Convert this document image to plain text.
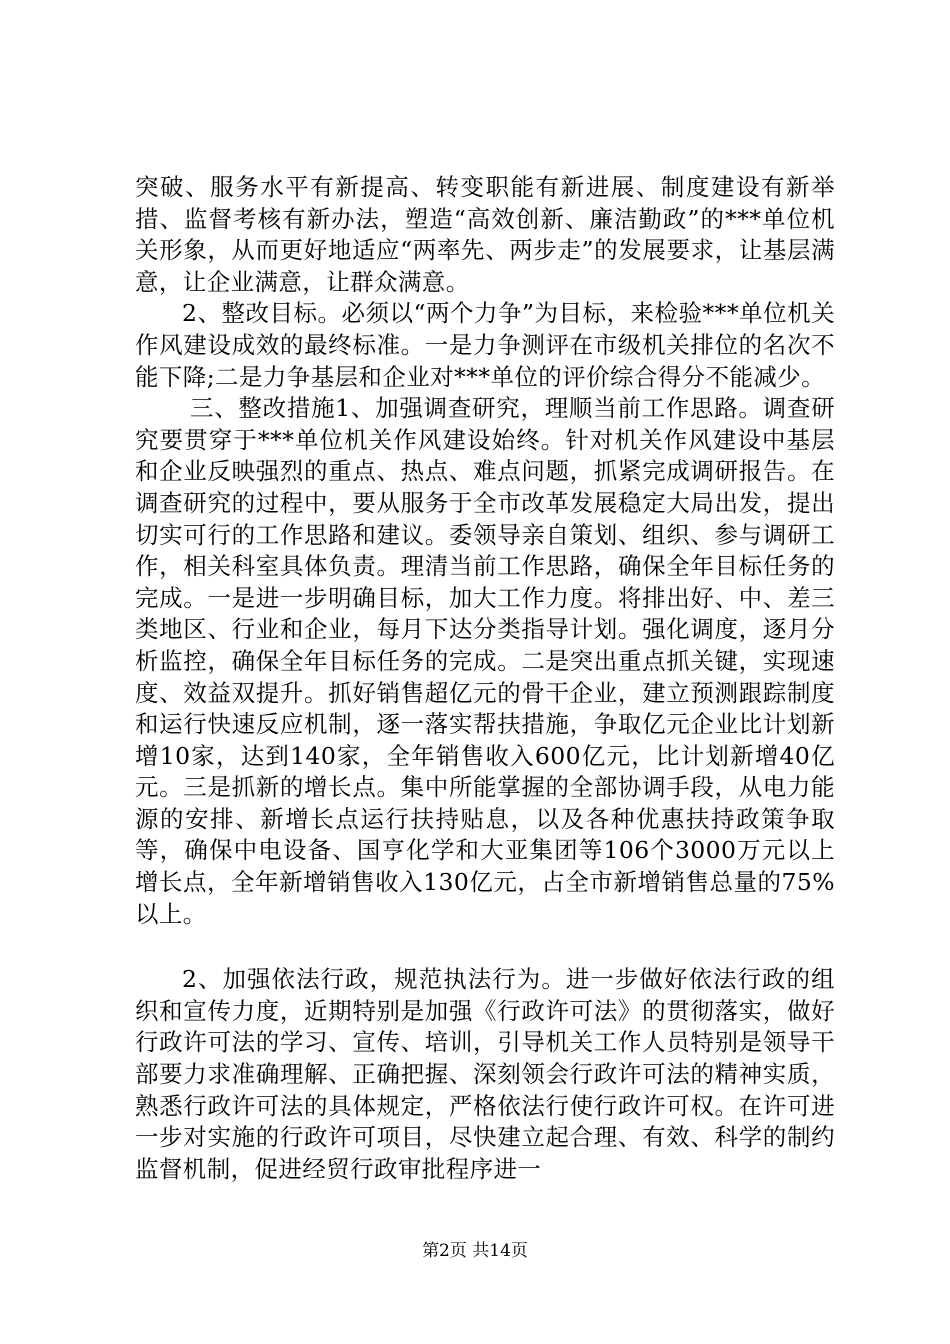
突破、服务水平有新提高、转变职能有新进展、制度建设有新举措、监督考核有新办法，塑造“高效创新、廉洁勤政”的***单位机关形象，从而更好地适应“两率先、两步走”的发展要求，让基层满意，让企业满意，让群众满意。

2、整改目标。必须以“两个力争”为目标，来检验***单位机关作风建设成效的最终标准。一是力争测评在市级机关排位的名次不能下降;二是力争基层和企业对***单位的评价综合得分不能减少。

三、整改措施1、加强调查研究，理顺当前工作思路。调查研究要贯穿于***单位机关作风建设始终。针对机关作风建设中基层和企业反映强烈的重点、热点、难点问题，抓紧完成调研报告。在调查研究的过程中，要从服务于全市改革发展稳定大局出发，提出切实可行的工作思路和建议。委领导亲自策划、组织、参与调研工作，相关科室具体负责。理清当前工作思路，确保全年目标任务的完成。一是进一步明确目标，加大工作力度。将排出好、中、差三类地区、行业和企业，每月下达分类指导计划。强化调度，逐月分析监控，确保全年目标任务的完成。二是突出重点抓关键，实现速度、效益双提升。抓好销售超亿元的骨干企业，建立预测跟踪制度和运行快速反应机制，逐一落实帮扶措施，争取亿元企业比计划新增10家，达到140家，全年销售收入600亿元，比计划新增40亿元。三是抓新的增长点。集中所能掌握的全部协调手段，从电力能源的安排、新增长点运行扶持贴息，以及各种优惠扶持政策争取等，确保中电设备、国亨化学和大亚集团等106个3000万元以上增长点，全年新增销售收入130亿元，占全市新增销售总量的75%以上。

2、加强依法行政，规范执法行为。进一步做好依法行政的组织和宣传力度，近期特别是加强《行政许可法》的贯彻落实，做好行政许可法的学习、宣传、培训，引导机关工作人员特别是领导干部要力求准确理解、正确把握、深刻领会行政许可法的精神实质，熟悉行政许可法的具体规定，严格依法行使行政许可权。在许可进一步对实施的行政许可项目，尽快建立起合理、有效、科学的制约监督机制，促进经贸行政审批程序进一

第2页 共14页
